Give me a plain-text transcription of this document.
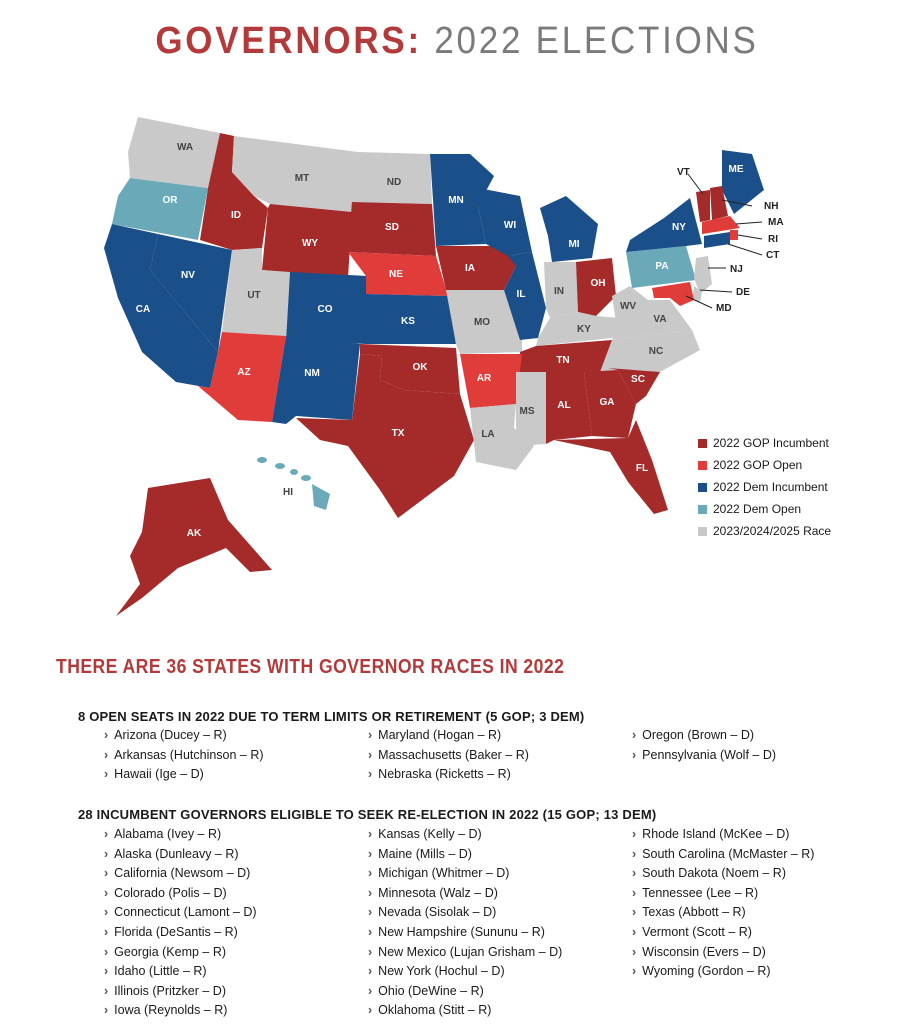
GOVERNORS: 2022 ELECTIONS
WA
OR
ID
MT
WY
ND
SD
NE
MN
WI
MI
IA
IL	IN
OH
CA
NV
UT
CO
KS	MO
KY
WV
VA
NC
TN
AZ	NM
OK
AR
TX	LA
MS
AL	GA
SC
FL
NY
PA
ME
AK
HI
VT
NH
MA
RI
CT
NJ
DE
MD
2022 GOP Incumbent
2022 GOP Open
2022 Dem Incumbent
2022 Dem Open
2023/2024/2025 Race
THERE ARE 36 STATES WITH GOVERNOR RACES IN 2022
8 OPEN SEATS IN 2022 DUE TO TERM LIMITS OR RETIREMENT (5 GOP; 3 DEM)
› Arizona (Ducey – R)
› Arkansas (Hutchinson – R)
› Hawaii (Ige – D)
› Maryland (Hogan – R)
› Massachusetts (Baker – R)
› Nebraska (Ricketts – R)
› Oregon (Brown – D)
› Pennsylvania (Wolf – D)
28 INCUMBENT GOVERNORS ELIGIBLE TO SEEK RE-ELECTION IN 2022 (15 GOP; 13 DEM)
› Alabama (Ivey – R)
› Alaska (Dunleavy – R)
› California (Newsom – D)
› Colorado (Polis – D)
› Connecticut (Lamont – D)
› Florida (DeSantis – R)
› Georgia (Kemp – R)
› Idaho (Little – R)
› Illinois (Pritzker – D)
› Iowa (Reynolds – R)
› Kansas (Kelly – D)
› Maine (Mills – D)
› Michigan (Whitmer – D)
› Minnesota (Walz – D)
› Nevada (Sisolak – D)
› New Hampshire (Sununu – R)
› New Mexico (Lujan Grisham – D)
› New York (Hochul – D)
› Ohio (DeWine – R)
› Oklahoma (Stitt – R)
› Rhode Island (McKee – D)
› South Carolina (McMaster – R)
› South Dakota (Noem – R)
› Tennessee (Lee – R)
› Texas (Abbott – R)
› Vermont (Scott – R)
› Wisconsin (Evers – D)
› Wyoming (Gordon – R)
